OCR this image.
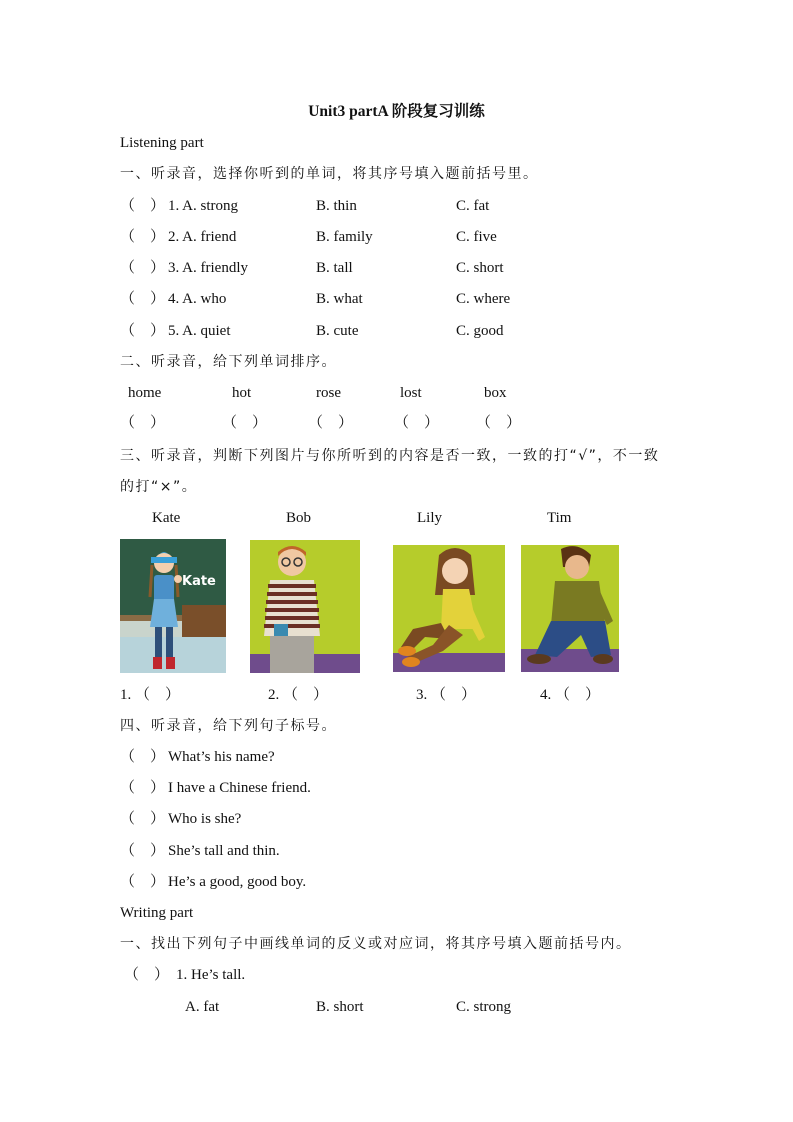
Unit3 partA 阶段复习训练
Listening part
一、听录音，选择你听到的单词，将其序号填入题前括号里。
（　） 1. A. strong	B. thin	C. fat
（　） 2. A. friend	B. family	C. five
（　） 3. A. friendly	B. tall	C. short
（　） 4. A. who	B. what	C. where
（　） 5. A. quiet	B. cute	C. good
二、听录音，给下列单词排序。
home	hot	rose	lost	box
（　）	（　）	（　）	（　） （　）
三、听录音，判断下列图片与你所听到的内容是否一致，一致的打“√”，不一致
的打“×”。
Kate	Bob	Lily	Tim
Kate
1. （　）	2. （　）	3. （　）	4. （　）
四、听录音，给下列句子标号。
（　） What’s his name?
（　） I have a Chinese friend.
（　） Who is she?
（　） She’s tall and thin.
（　） He’s a good, good boy.
Writing part
一、找出下列句子中画线单词的反义或对应词，将其序号填入题前括号内。
（　） 1. He’s tall.
A. fat	B. short	C. strong
